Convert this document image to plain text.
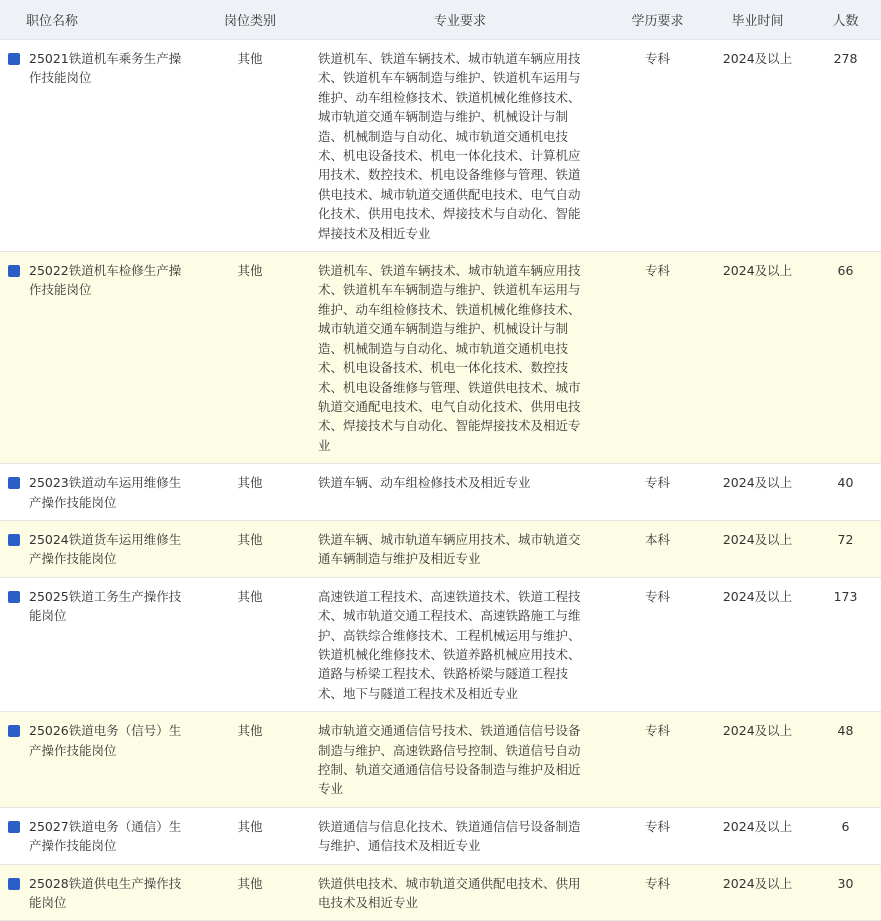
职位名称	岗位类别	专业要求	学历要求	毕业时间	人数

25021铁道机车乘务生产操作技能岗位	其他	铁道机车、铁道车辆技术、城市轨道车辆应用技术、铁道机车车辆制造与维护、铁道机车运用与维护、动车组检修技术、铁道机械化维修技术、城市轨道交通车辆制造与维护、机械设计与制造、机械制造与自动化、城市轨道交通机电技术、机电设备技术、机电一体化技术、计算机应用技术、数控技术、机电设备维修与管理、铁道供电技术、城市轨道交通供配电技术、电气自动化技术、供用电技术、焊接技术与自动化、智能焊接技术及相近专业	专科	2024及以上	278

25022铁道机车检修生产操作技能岗位	其他	铁道机车、铁道车辆技术、城市轨道车辆应用技术、铁道机车车辆制造与维护、铁道机车运用与维护、动车组检修技术、铁道机械化维修技术、城市轨道交通车辆制造与维护、机械设计与制造、机械制造与自动化、城市轨道交通机电技术、机电设备技术、机电一体化技术、数控技术、机电设备维修与管理、铁道供电技术、城市轨道交通配电技术、电气自动化技术、供用电技术、焊接技术与自动化、智能焊接技术及相近专业	专科	2024及以上	66

25023铁道动车运用维修生产操作技能岗位	其他	铁道车辆、动车组检修技术及相近专业	专科	2024及以上	40

25024铁道货车运用维修生产操作技能岗位	其他	铁道车辆、城市轨道车辆应用技术、城市轨道交通车辆制造与维护及相近专业	本科	2024及以上	72

25025铁道工务生产操作技能岗位	其他	高速铁道工程技术、高速铁道技术、铁道工程技术、城市轨道交通工程技术、高速铁路施工与维护、高铁综合维修技术、工程机械运用与维护、铁道机械化维修技术、铁道养路机械应用技术、道路与桥梁工程技术、铁路桥梁与隧道工程技术、地下与隧道工程技术及相近专业	专科	2024及以上	173

25026铁道电务（信号）生产操作技能岗位	其他	城市轨道交通通信信号技术、铁道通信信号设备制造与维护、高速铁路信号控制、铁道信号自动控制、轨道交通通信信号设备制造与维护及相近专业	专科	2024及以上	48

25027铁道电务（通信）生产操作技能岗位	其他	铁道通信与信息化技术、铁道通信信号设备制造与维护、通信技术及相近专业	专科	2024及以上	6

25028铁道供电生产操作技能岗位	其他	铁道供电技术、城市轨道交通供配电技术、供用电技术及相近专业	专科	2024及以上	30
